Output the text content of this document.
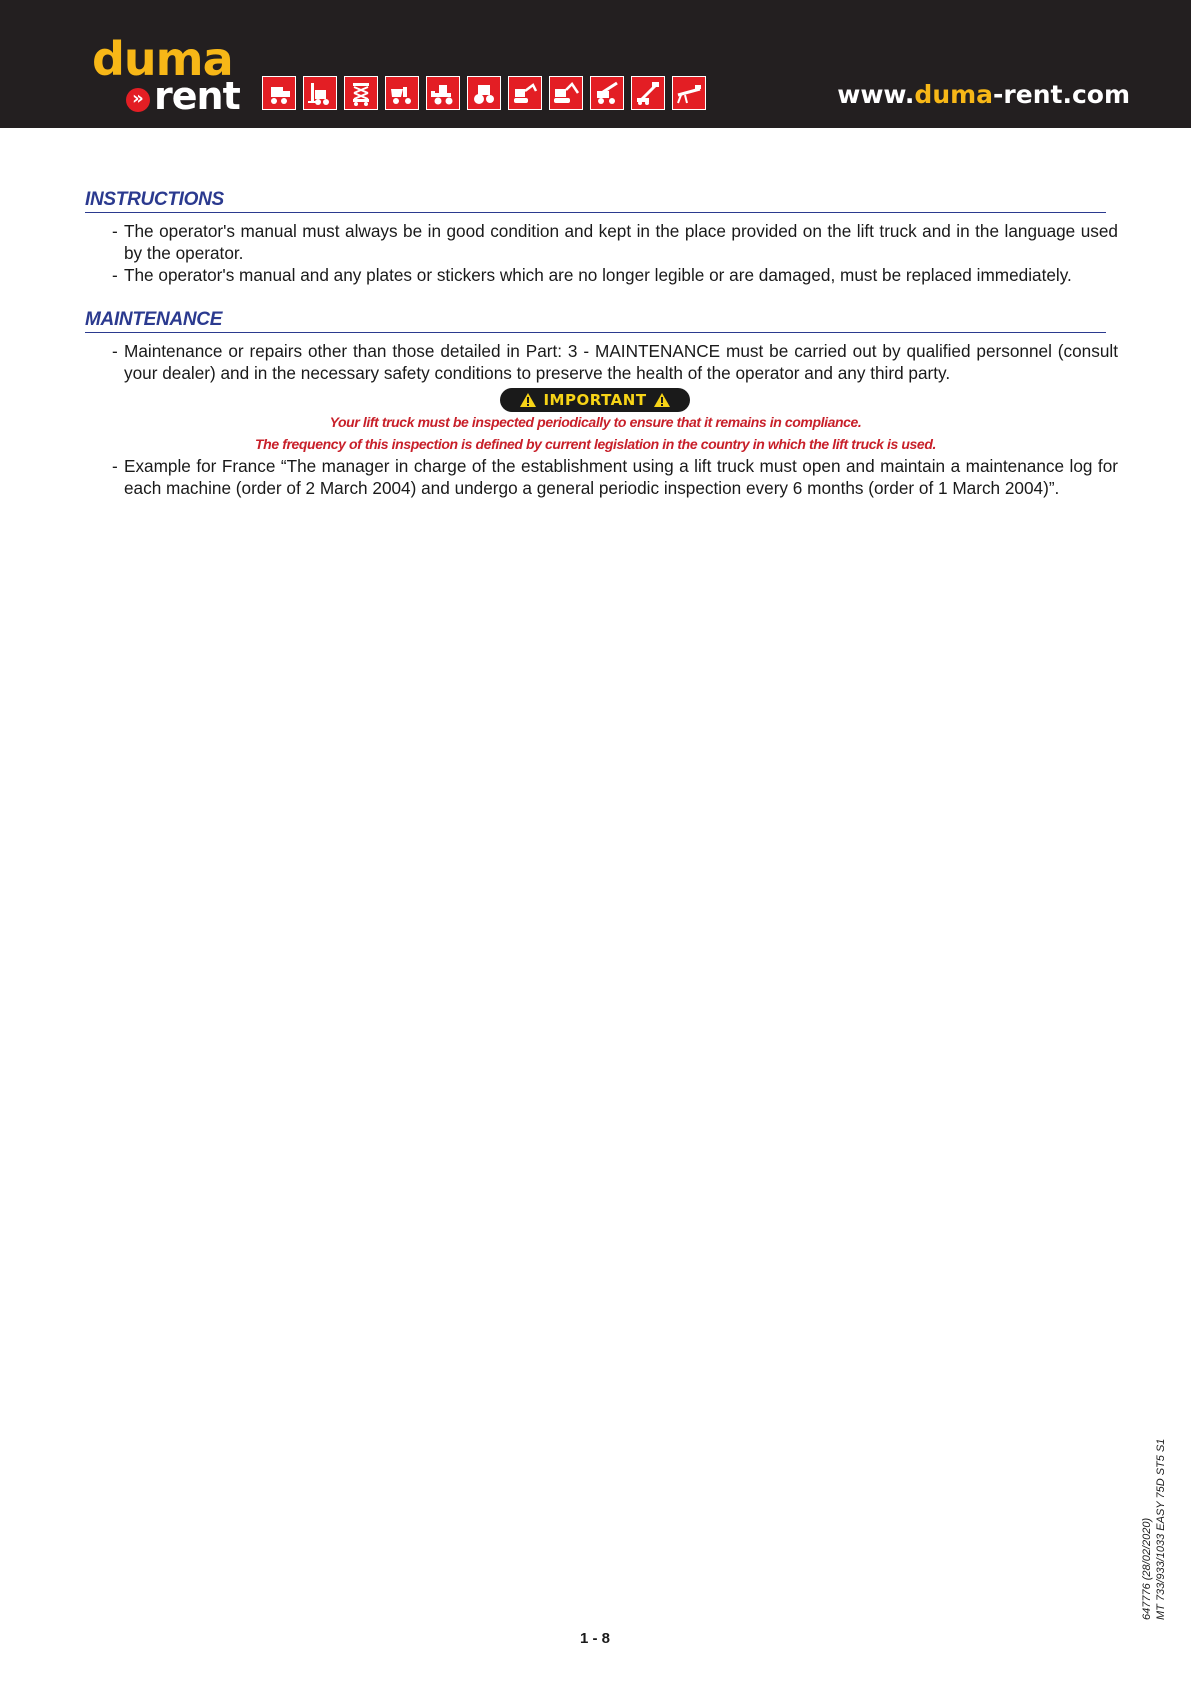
duma
» rent	www.duma-rent.com
INSTRUCTIONS
- The operator's manual must always be in good condition and kept in the place provided on the lift truck and in the language used by the operator.
- The operator's manual and any plates or stickers which are no longer legible or are damaged, must be replaced immediately.
MAINTENANCE
- Maintenance or repairs other than those detailed in Part: 3 - MAINTENANCE must be carried out by qualified personnel (consult your dealer) and in the necessary safety conditions to preserve the health of the operator and any third party.
IMPORTANT
Your lift truck must be inspected periodically to ensure that it remains in compliance.
The frequency of this inspection is defined by current legislation in the country in which the lift truck is used.
- Example for France “The manager in charge of the establishment using a lift truck must open and maintain a maintenance log for each machine (order of 2 March 2004) and undergo a general periodic inspection every 6 months (order of 1 March 2004)”.
647776 (28/02/2020) MT 733/933/1033 EASY 75D ST5 S1
1 - 8
